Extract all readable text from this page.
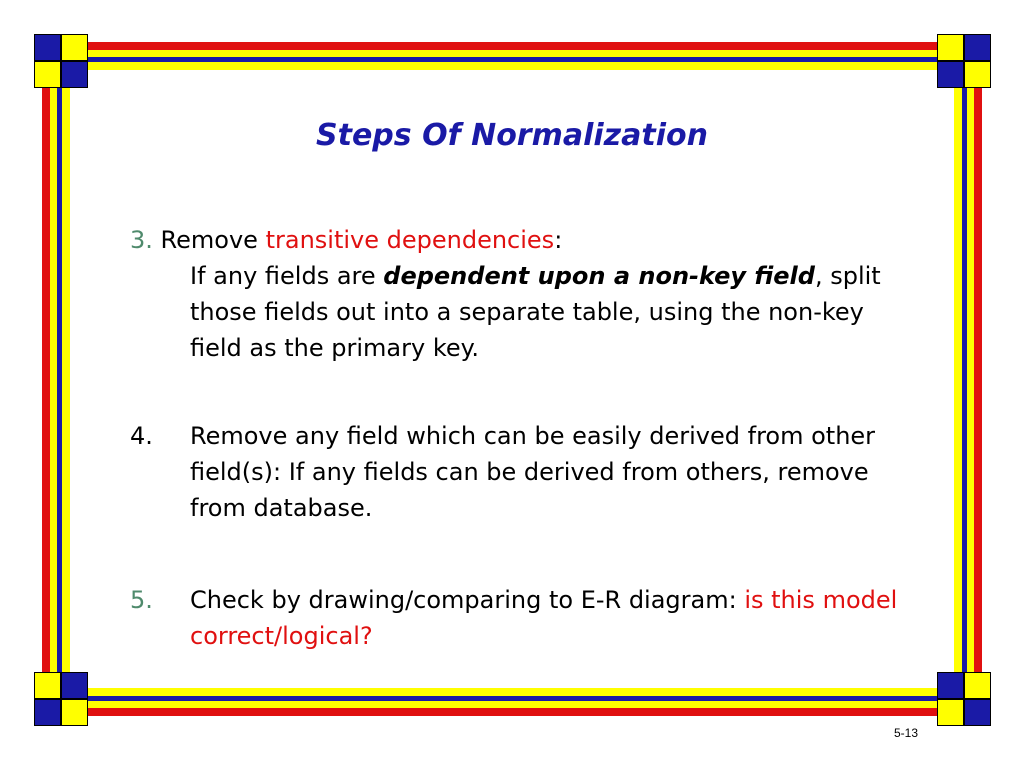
Steps Of Normalization
3. Remove transitive dependencies:
If any fields are dependent upon a non-key field, split those fields out into a separate table, using the non-key field as the primary key.
4. Remove any field which can be easily derived from other field(s): If any fields can be derived from others, remove from database.
5. Check by drawing/comparing to E-R diagram: is this model correct/logical?
5-13
